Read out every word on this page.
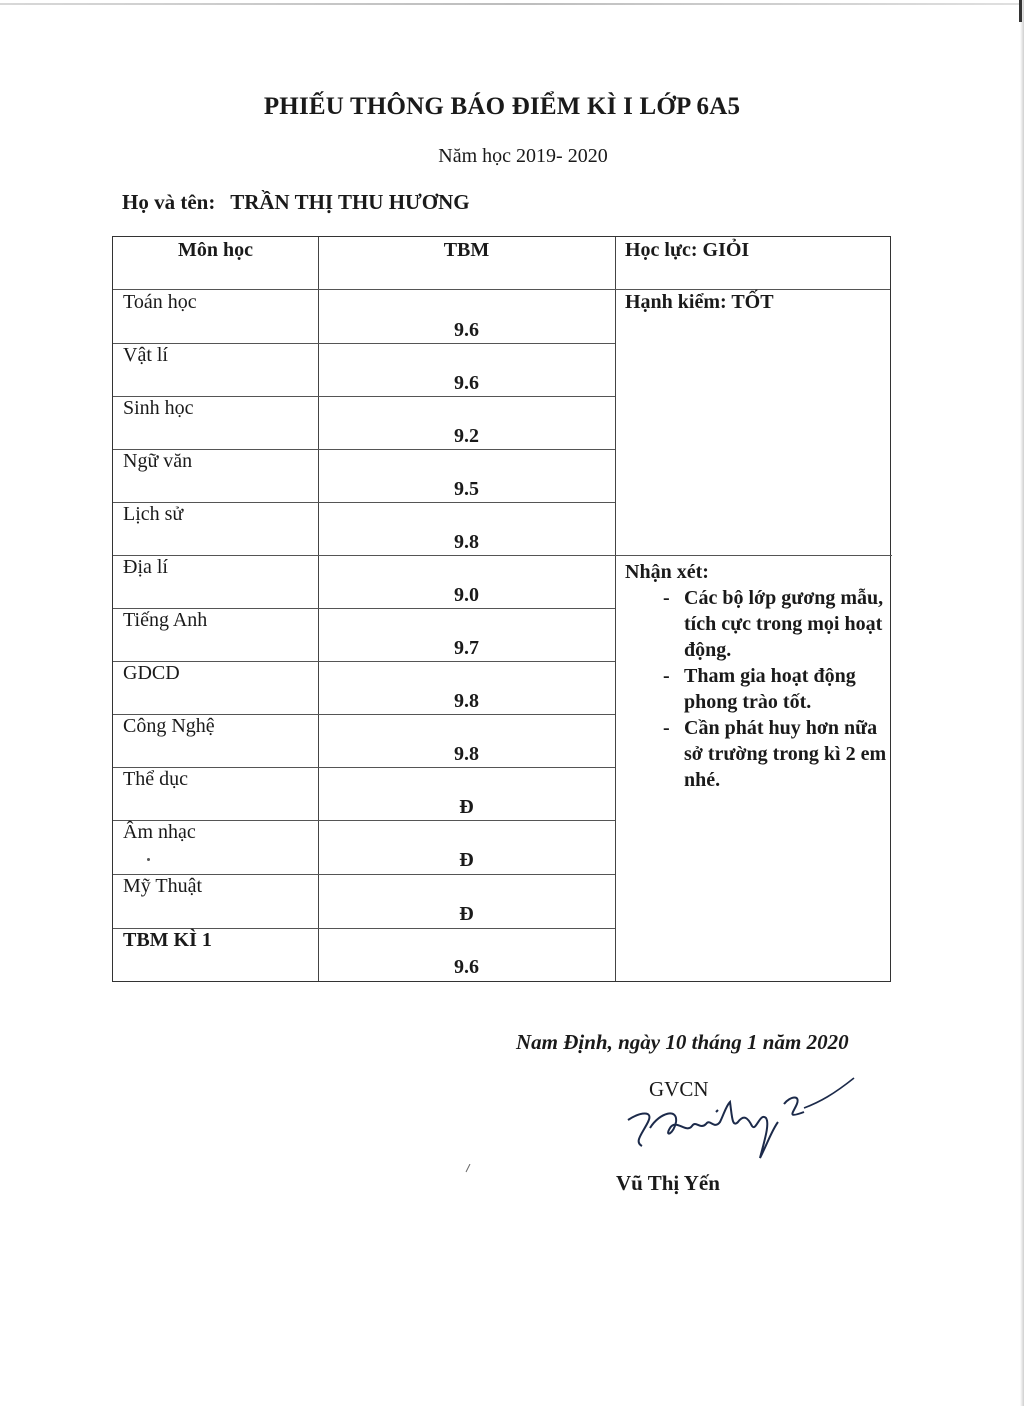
PHIẾU THÔNG BÁO ĐIỂM KÌ I LỚP 6A5
Năm học 2019- 2020
Họ và tên: TRẦN THỊ THU HƯƠNG
Môn học	TBM	Học lực: GIỎI
Hạnh kiểm: TỐT
Toán học
9.6
Vật lí
9.6
Sinh học
9.2
Ngữ văn
9.5
Lịch sử
9.8
Địa lí
9.0
Tiếng Anh
9.7
GDCD
9.8
Công Nghệ
9.8
Thể dục
Đ
Âm nhạc
Đ
Mỹ Thuật
Đ
TBM KÌ 1
9.6
Nhận xét:
- Các bộ lớp gương mẫu, tích cực trong mọi hoạt động.
- Tham gia hoạt động phong trào tốt.
- Cần phát huy hơn nữa sở trường trong kì 2 em nhé.
Nam Định, ngày 10 tháng 1 năm 2020
GVCN
Vũ Thị Yến
